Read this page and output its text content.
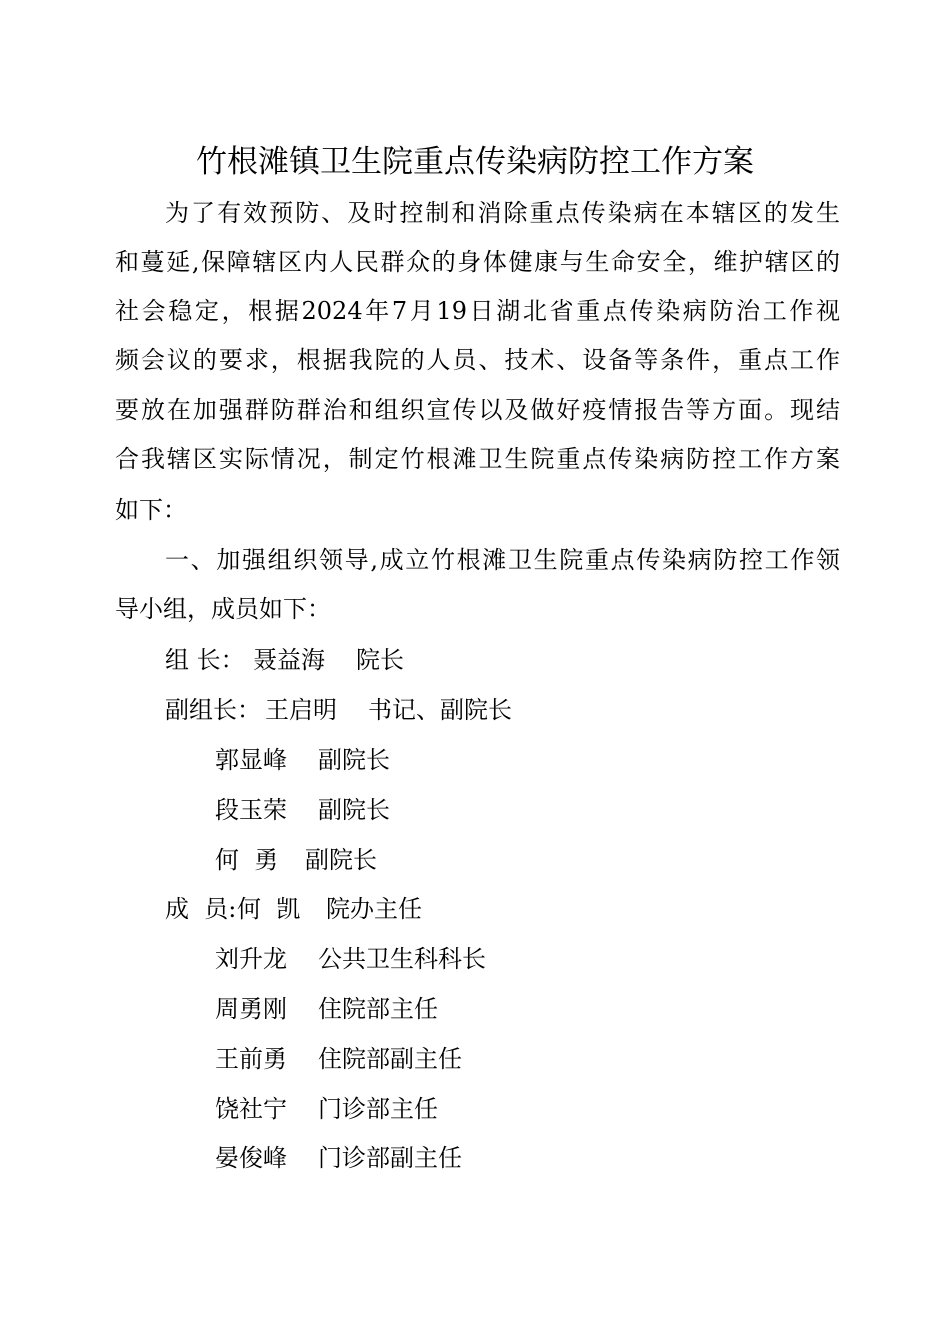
竹根滩镇卫生院重点传染病防控工作方案
为了有效预防、及时控制和消除重点传染病在本辖区的发生
和蔓延,保障辖区内人民群众的身体健康与生命安全，维护辖区的
社会稳定，根据2024年7月19日湖北省重点传染病防治工作视
频会议的要求，根据我院的人员、技术、设备等条件，重点工作
要放在加强群防群治和组织宣传以及做好疫情报告等方面。现结
合我辖区实际情况，制定竹根滩卫生院重点传染病防控工作方案
如下：
一、加强组织领导,成立竹根滩卫生院重点传染病防控工作领
导小组，成员如下：
组 长： 聂益海 院长
副组长： 王启明 书记、副院长
郭显峰 副院长
段玉荣 副院长
何  勇 副院长
成  员: 何  凯 院办主任
刘升龙 公共卫生科科长
周勇刚 住院部主任
王前勇 住院部副主任
饶社宁 门诊部主任
晏俊峰 门诊部副主任
